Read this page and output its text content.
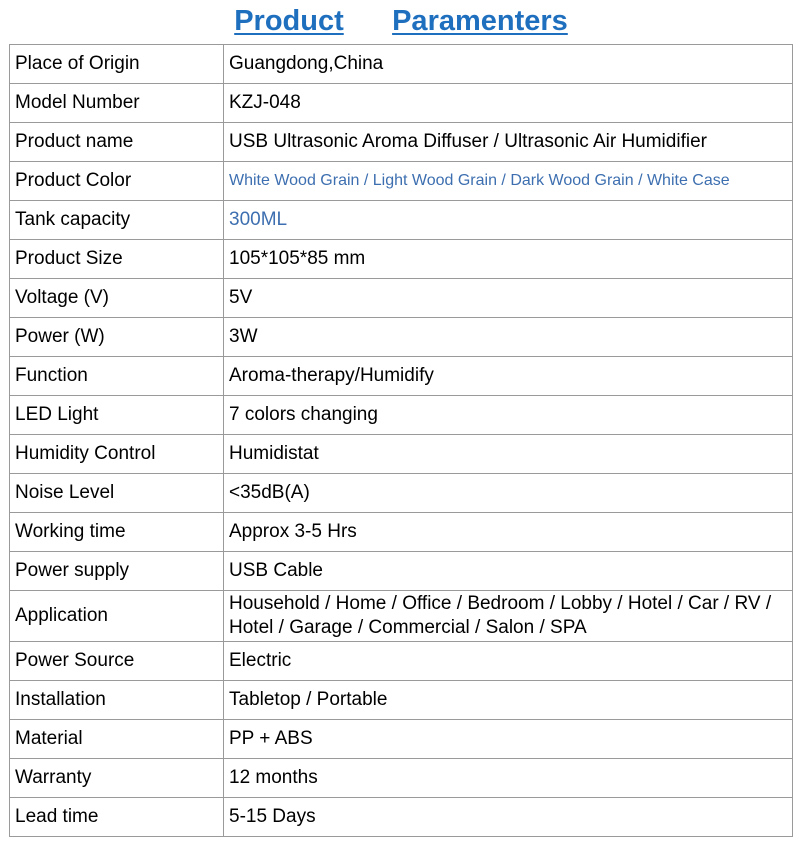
Product Paramenters
Place of Origin	Guangdong,China
Model Number	KZJ-048
Product name	USB Ultrasonic Aroma Diffuser / Ultrasonic Air Humidifier
Product Color	White Wood Grain / Light Wood Grain / Dark Wood Grain / White Case
Tank capacity	300ML
Product Size	105*105*85 mm
Voltage (V)	5V
Power (W)	3W
Function	Aroma-therapy/Humidify
LED Light	7 colors changing
Humidity Control	Humidistat
Noise Level	<35dB(A)
Working time	Approx 3-5 Hrs
Power supply	USB Cable
Application	Household / Home / Office / Bedroom / Lobby / Hotel / Car / RV / Hotel / Garage / Commercial / Salon / SPA
Power Source	Electric
Installation	Tabletop / Portable
Material	PP + ABS
Warranty	12 months
Lead time	5-15 Days
